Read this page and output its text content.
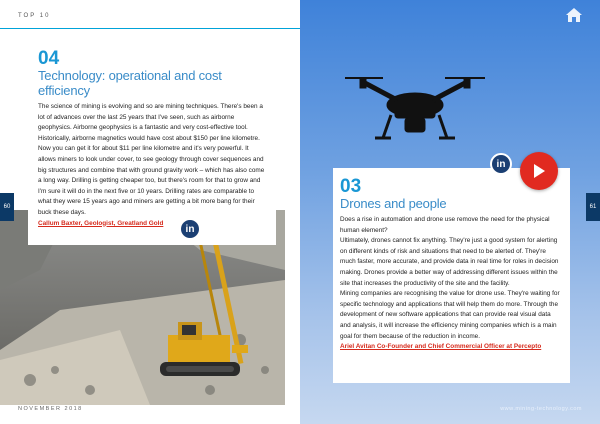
TOP 10
04
Technology: operational and cost efficiency
The science of mining is evolving and so are mining techniques. There's been a lot of advances over the last 25 years that I've seen, such as airborne geophysics. Airborne geophysics is a fantastic and very cost-effective tool. Historically, airborne magnetics would have cost about $150 per line kilometre. Now you can get it for about $11 per line kilometre and it's very powerful. It allows miners to look under cover, to see geology through cover sequences and big structures and combine that with ground gravity work – which has also come a long way. Drilling is getting cheaper too, but there's room for that to grow and I'm sure it will do in the next five or 10 years. Drilling rates are comparable to what they were 15 years ago and miners are getting a bit more bang for their buck these days.
Callum Baxter, Geologist, Greatland Gold
in
60
NOVEMBER 2018
61
www.mining-technology.com
03
Drones and people
Does a rise in automation and drone use remove the need for the physical human element?
Ultimately, drones cannot fix anything. They're just a good system for alerting on different kinds of risk and situations that need to be alerted of. They're much faster, more accurate, and provide data in real time for roles in decision making. Drones provide a better way of addressing different issues within the site that increases the productivity of the site and the facility.
Mining companies are recognising the value for drone use. They're waiting for specific technology and applications that will help them do more. Through the development of new software applications that can provide real visual data and analysis, it will increase the efficiency mining companies which is a main goal for them because of the reduction in income.
Ariel Avitan Co-Founder and Chief Commercial Officer at Percepto
in
